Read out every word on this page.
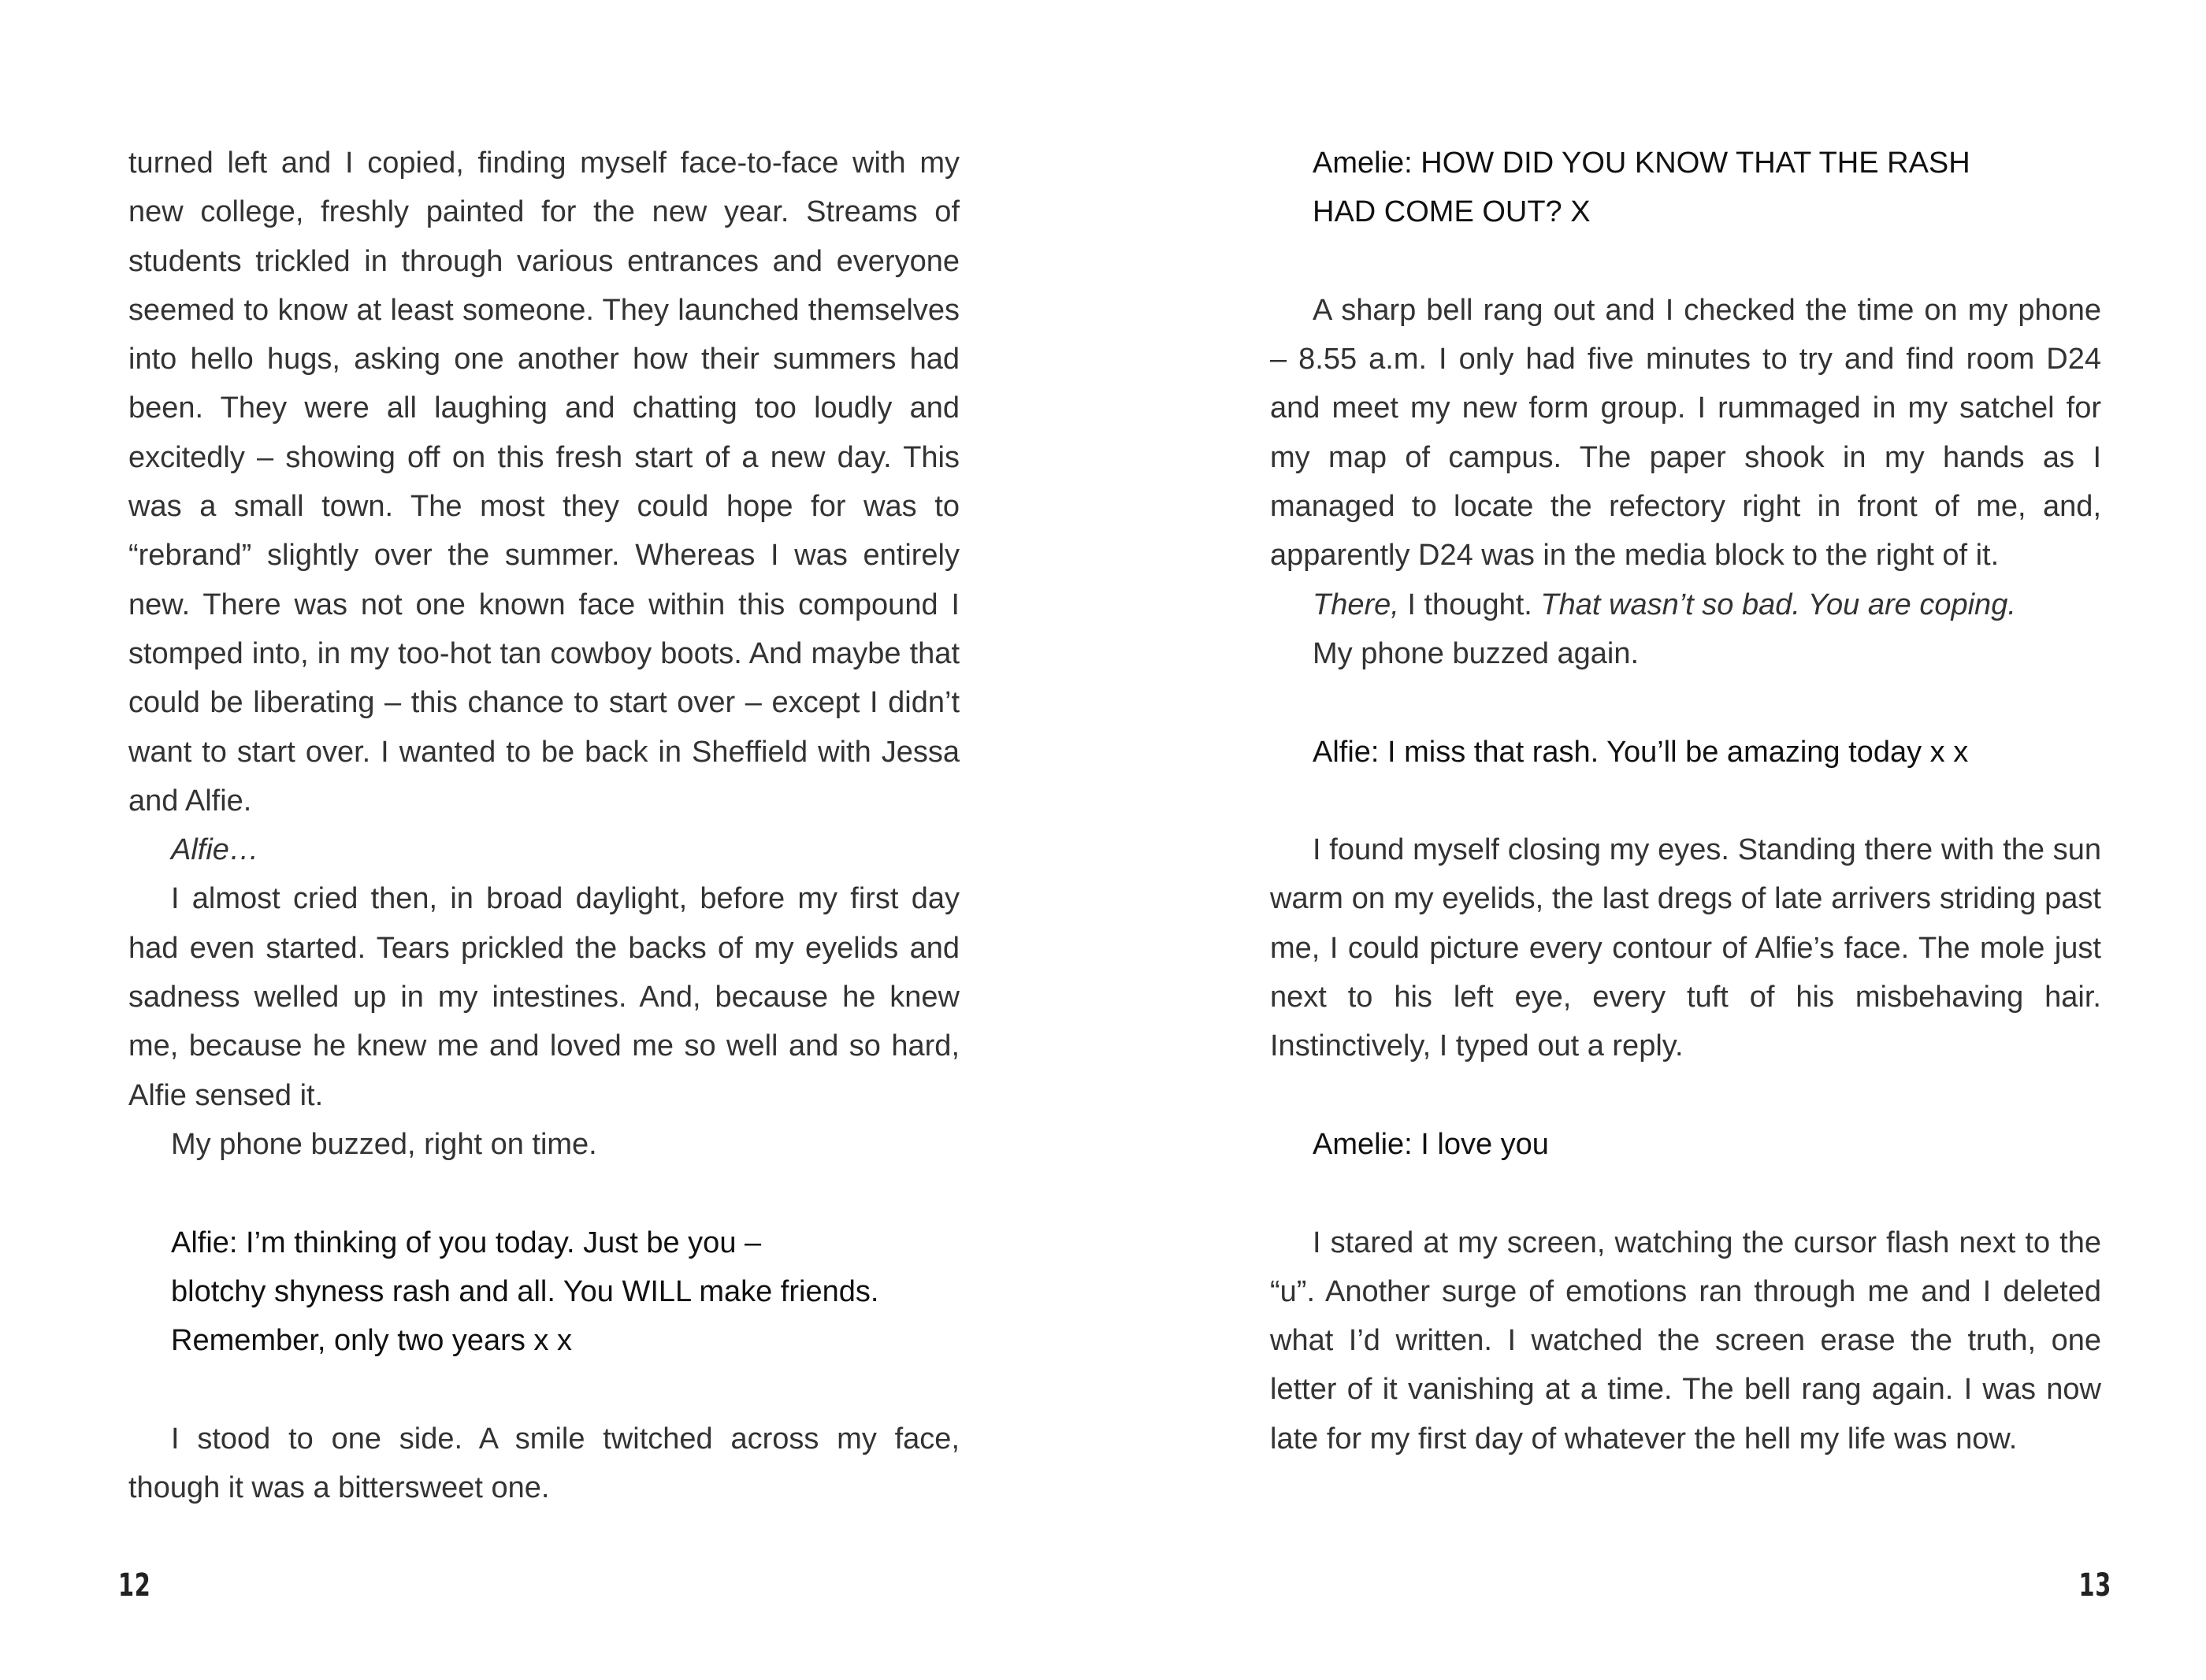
turned left and I copied, finding myself face-to-face with my new college, freshly painted for the new year. Streams of students trickled in through various entrances and everyone seemed to know at least someone. They launched themselves into hello hugs, asking one another how their summers had been. They were all laughing and chatting too loudly and excitedly – showing off on this fresh start of a new day. This was a small town. The most they could hope for was to “rebrand” slightly over the summer. Whereas I was entirely new. There was not one known face within this compound I stomped into, in my too-hot tan cowboy boots. And maybe that could be liberating – this chance to start over – except I didn’t want to start over. I wanted to be back in Sheffield with Jessa and Alfie.

Alfie…

I almost cried then, in broad daylight, before my first day had even started. Tears prickled the backs of my eyelids and sadness welled up in my intestines. And, because he knew me, because he knew me and loved me so well and so hard, Alfie sensed it.

My phone buzzed, right on time.

Alfie: I’m thinking of you today. Just be you –

blotchy shyness rash and all. You WILL make friends.

Remember, only two years x x

I stood to one side. A smile twitched across my face, though it was a bittersweet one.

12

Amelie: HOW DID YOU KNOW THAT THE RASH

HAD COME OUT? X

A sharp bell rang out and I checked the time on my phone – 8.55 a.m. I only had five minutes to try and find room D24 and meet my new form group. I rummaged in my satchel for my map of campus. The paper shook in my hands as I managed to locate the refectory right in front of me, and, apparently D24 was in the media block to the right of it.

There, I thought. That wasn’t so bad. You are coping.

My phone buzzed again.

Alfie: I miss that rash. You’ll be amazing today x x

I found myself closing my eyes. Standing there with the sun warm on my eyelids, the last dregs of late arrivers striding past me, I could picture every contour of Alfie’s face. The mole just next to his left eye, every tuft of his misbehaving hair. Instinctively, I typed out a reply.

Amelie: I love you

I stared at my screen, watching the cursor flash next to the “u”. Another surge of emotions ran through me and I deleted what I’d written. I watched the screen erase the truth, one letter of it vanishing at a time. The bell rang again. I was now late for my first day of whatever the hell my life was now.

13
